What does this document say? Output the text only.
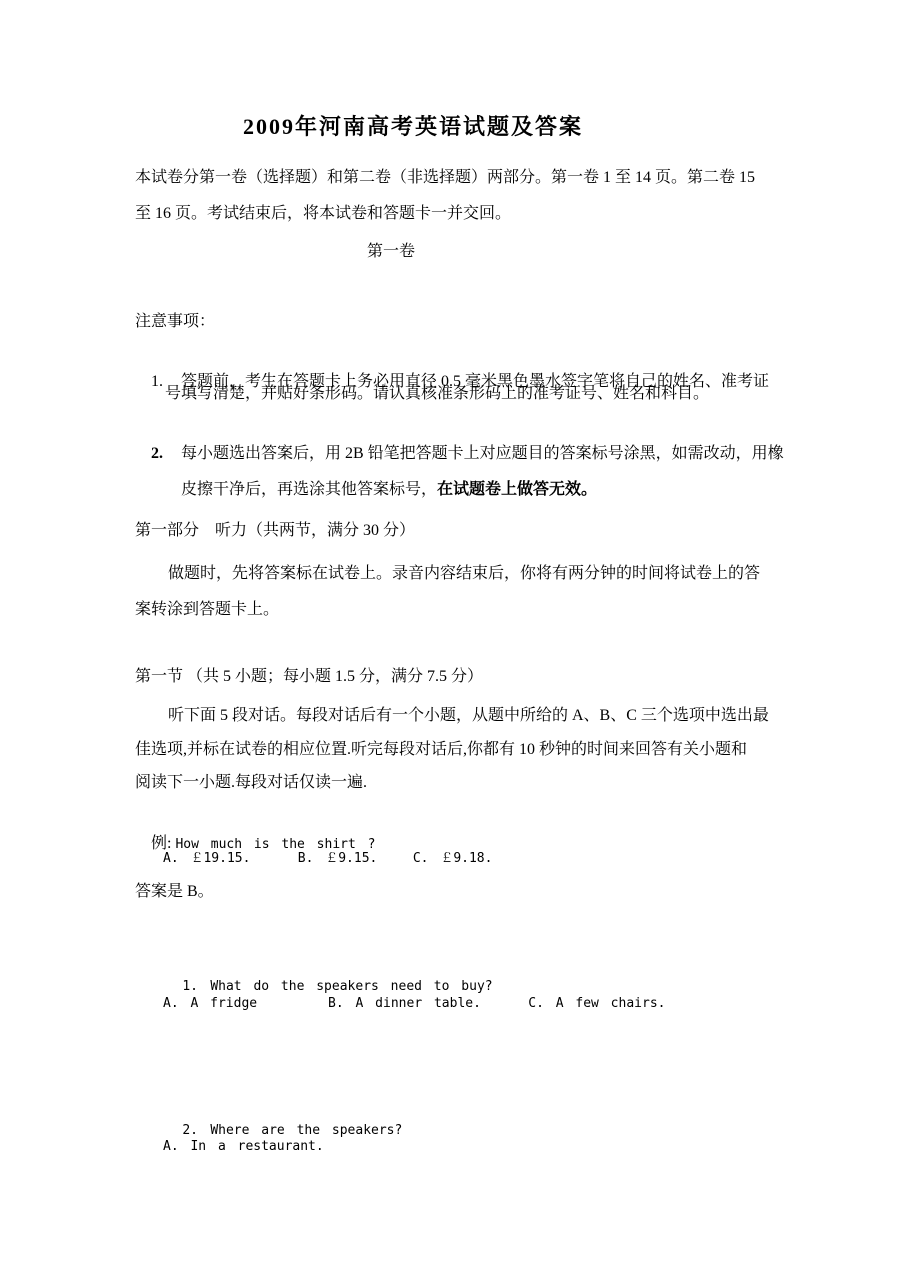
2009年河南高考英语试题及答案
本试卷分第一卷（选择题）和第二卷（非选择题）两部分。第一卷 1 至 14 页。第二卷 15
至 16 页。考试结束后，将本试卷和答题卡一并交回。
第一卷
注意事项：

1. 答题前，考生在答题卡上务必用直径 0.5 毫米黑色墨水签字笔将自己的姓名、准考证

号填写清楚，并贴好条形码。请认真核准条形码上的准考证号、姓名和科目。

2. 每小题选出答案后，用 2B 铅笔把答题卡上对应题目的答案标号涂黑，如需改动，用橡

皮擦干净后，再选涂其他答案标号，在试题卷上做答无效。

第一部分　听力（共两节，满分 30 分）
做题时，先将答案标在试卷上。录音内容结束后，你将有两分钟的时间将试卷上的答
案转涂到答题卡上。
第一节 （共 5 小题；每小题 1.5 分，满分 7.5 分）
听下面 5 段对话。每段对话后有一个小题，从题中所给的 A、B、C 三个选项中选出最
佳选项,并标在试卷的相应位置.听完每段对话后,你都有 10 秒钟的时间来回答有关小题和
阅读下一小题.每段对话仅读一遍.

例: How much is the shirt ?

A. ￡19.15.    B. ￡9.15.   C. ￡9.18.
答案是 B。

1. What do the speakers need to buy?

A. A fridge      B. A dinner table.    C. A few chairs.

2. Where are the speakers?

A. In a restaurant.
